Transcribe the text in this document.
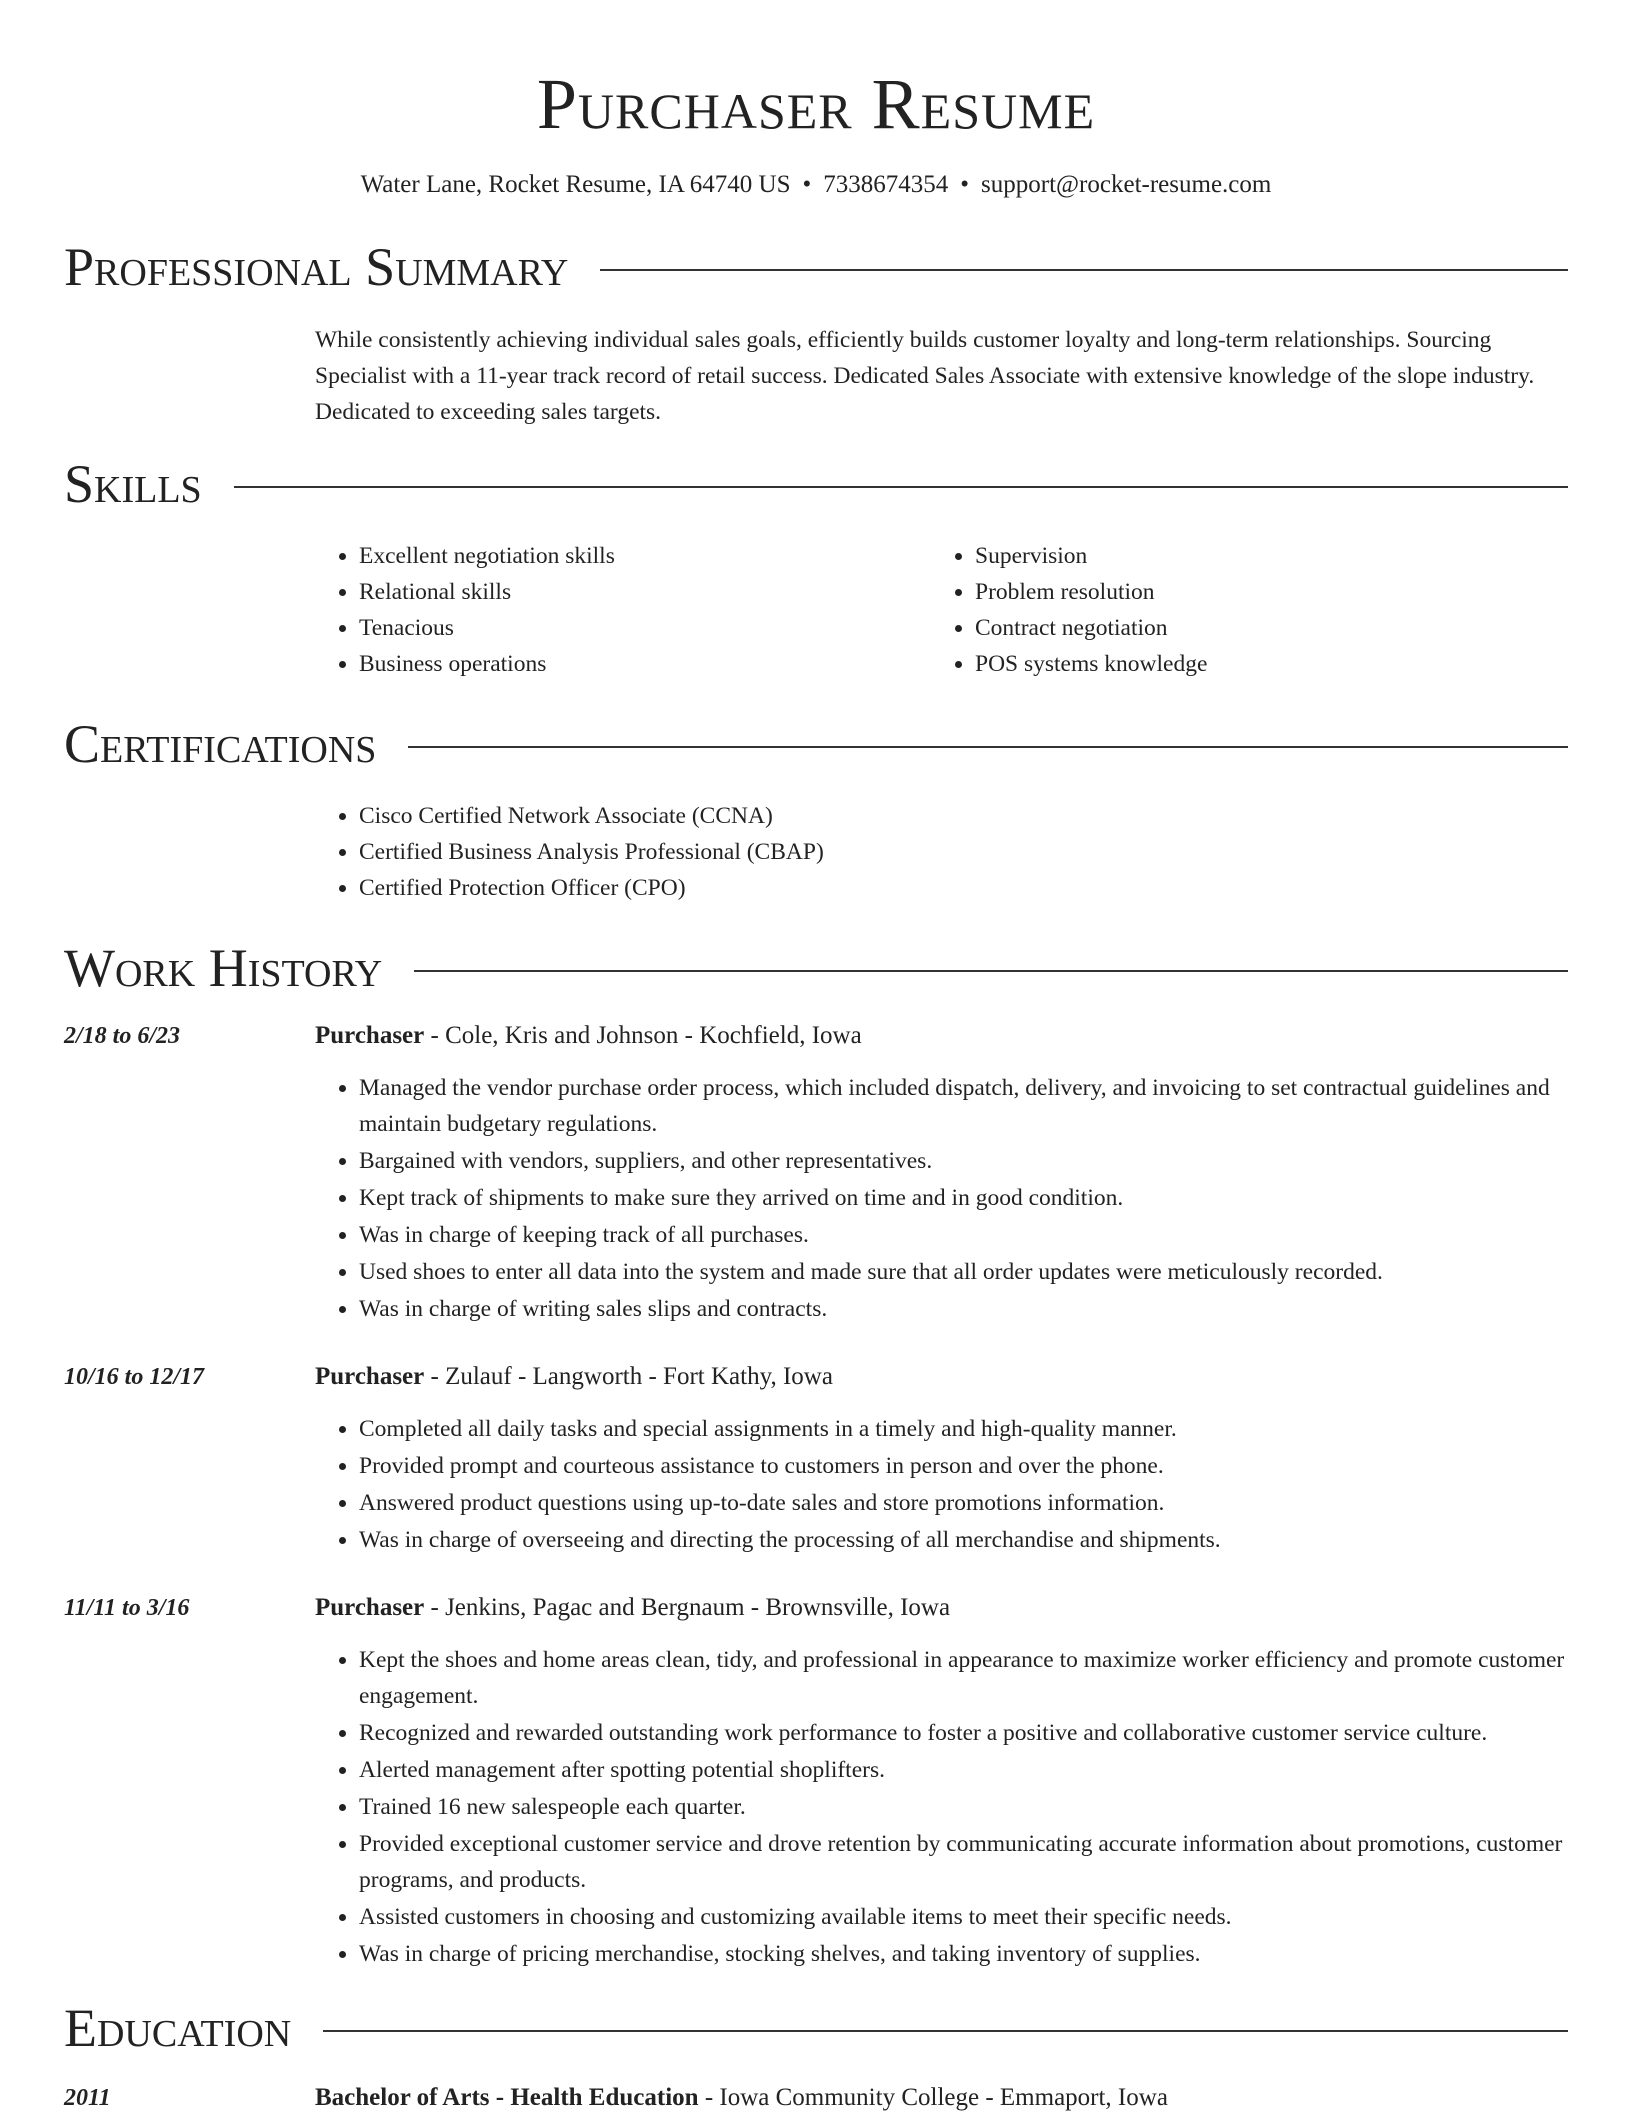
Purchaser Resume
Water Lane, Rocket Resume, IA 64740 US • 7338674354 • support@rocket-resume.com
Professional Summary

While consistently achieving individual sales goals, efficiently builds customer loyalty and long-term relationships. Sourcing Specialist with a 11-year track record of retail success. Dedicated Sales Associate with extensive knowledge of the slope industry. Dedicated to exceeding sales targets.

Skills
• Excellent negotiation skills
• Relational skills
• Tenacious
• Business operations
• Supervision
• Problem resolution
• Contract negotiation
• POS systems knowledge
Certifications
• Cisco Certified Network Associate (CCNA)
• Certified Business Analysis Professional (CBAP)
• Certified Protection Officer (CPO)
Work History
2/18 to 6/23	Purchaser - Cole, Kris and Johnson - Kochfield, Iowa
• Managed the vendor purchase order process, which included dispatch, delivery, and invoicing to set contractual guidelines and maintain budgetary regulations.
• Bargained with vendors, suppliers, and other representatives.
• Kept track of shipments to make sure they arrived on time and in good condition.
• Was in charge of keeping track of all purchases.
• Used shoes to enter all data into the system and made sure that all order updates were meticulously recorded.
• Was in charge of writing sales slips and contracts.
10/16 to 12/17	Purchaser - Zulauf - Langworth - Fort Kathy, Iowa
• Completed all daily tasks and special assignments in a timely and high-quality manner.
• Provided prompt and courteous assistance to customers in person and over the phone.
• Answered product questions using up-to-date sales and store promotions information.
• Was in charge of overseeing and directing the processing of all merchandise and shipments.
11/11 to 3/16	Purchaser - Jenkins, Pagac and Bergnaum - Brownsville, Iowa
• Kept the shoes and home areas clean, tidy, and professional in appearance to maximize worker efficiency and promote customer engagement.
• Recognized and rewarded outstanding work performance to foster a positive and collaborative customer service culture.
• Alerted management after spotting potential shoplifters.
• Trained 16 new salespeople each quarter.
• Provided exceptional customer service and drove retention by communicating accurate information about promotions, customer programs, and products.
• Assisted customers in choosing and customizing available items to meet their specific needs.
• Was in charge of pricing merchandise, stocking shelves, and taking inventory of supplies.
Education
2011	Bachelor of Arts - Health Education - Iowa Community College - Emmaport, Iowa
